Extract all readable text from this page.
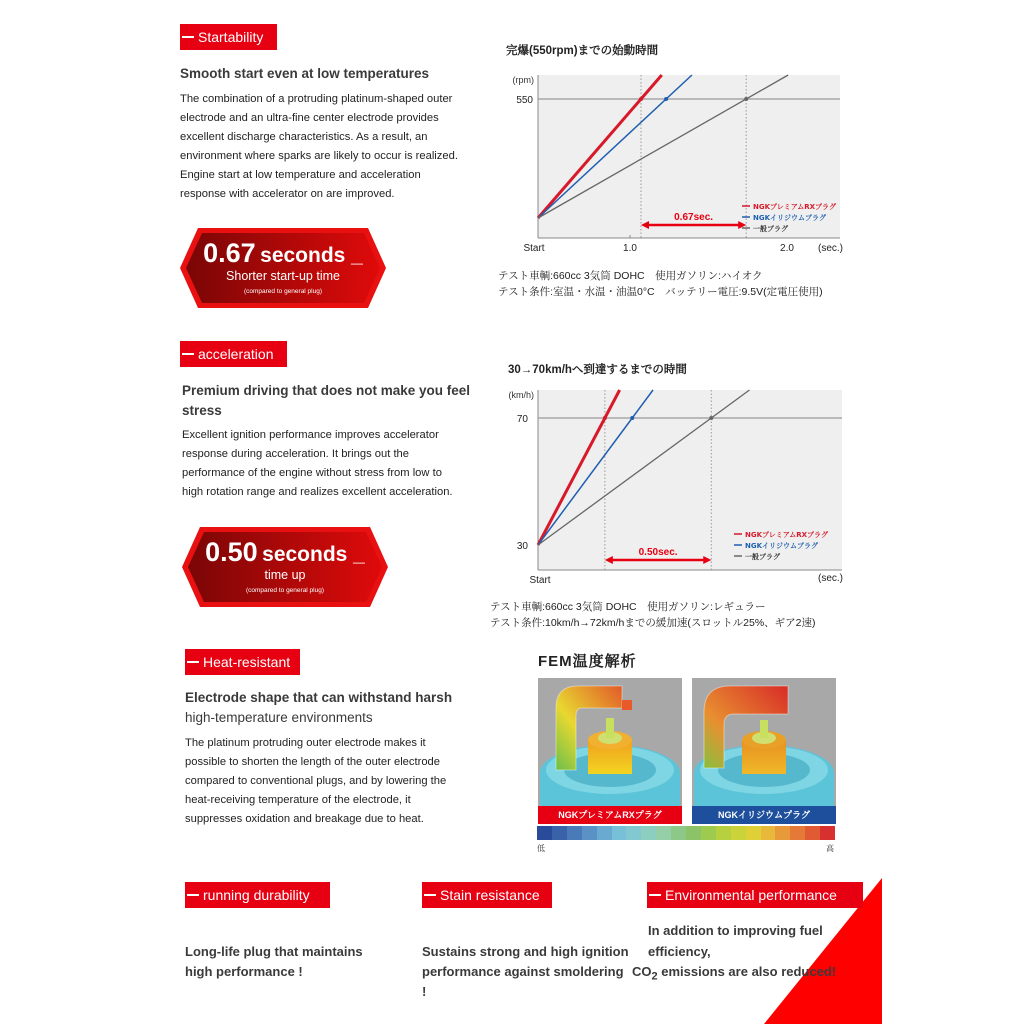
Startability
Smooth start even at low temperatures
The combination of a protruding platinum-shaped outer
electrode and an ultra-fine center electrode provides
excellent discharge characteristics. As a result, an
environment where sparks are likely to occur is realized.
Engine start at low temperature and acceleration
response with accelerator on are improved.
0.67 seconds _
Shorter start-up time
(compared to general plug)
完爆(550rpm)までの始動時間
0.67sec.
NGKプレミアムRXプラグ
NGKイリジウムプラグ
一般プラグ
(rpm)
Start	1.0	2.0 (sec.)
550
テスト車輌:660cc 3気筒 DOHC　使用ガソリン:ハイオク
テスト条件:室温・水温・油温0°C　バッテリー電圧:9.5V(定電圧使用)
acceleration
Premium driving that does not make you feel
stress
Excellent ignition performance improves accelerator
response during acceleration. It brings out the
performance of the engine without stress from low to
high rotation range and realizes excellent acceleration.
0.50 seconds _
time up
(compared to general plug)
30→70km/hへ到達するまでの時間
0.50sec.
NGKプレミアムRXプラグ
NGKイリジウムプラグ
一般プラグ
(km/h)
30
70
Start	(sec.)
テスト車輌:660cc 3気筒 DOHC　使用ガソリン:レギュラー
テスト条件:10km/h→72km/hまでの緩加速(スロットル25%、ギア2速)
Heat-resistant
Electrode shape that can withstand harsh
high-temperature environments
The platinum protruding outer electrode makes it
possible to shorten the length of the outer electrode
compared to conventional plugs, and by lowering the
heat-receiving temperature of the electrode, it
suppresses oxidation and breakage due to heat.
FEM温度解析
NGKプレミアムRXプラグ	NGKイリジウムプラグ
低	高
running durability
Long-life plug that maintains
high performance !
Stain resistance
Sustains strong and high ignition
performance against smoldering
!
Environmental performance
In addition to improving fuel
efficiency,
$CO_2$ emissions are also reduced!
